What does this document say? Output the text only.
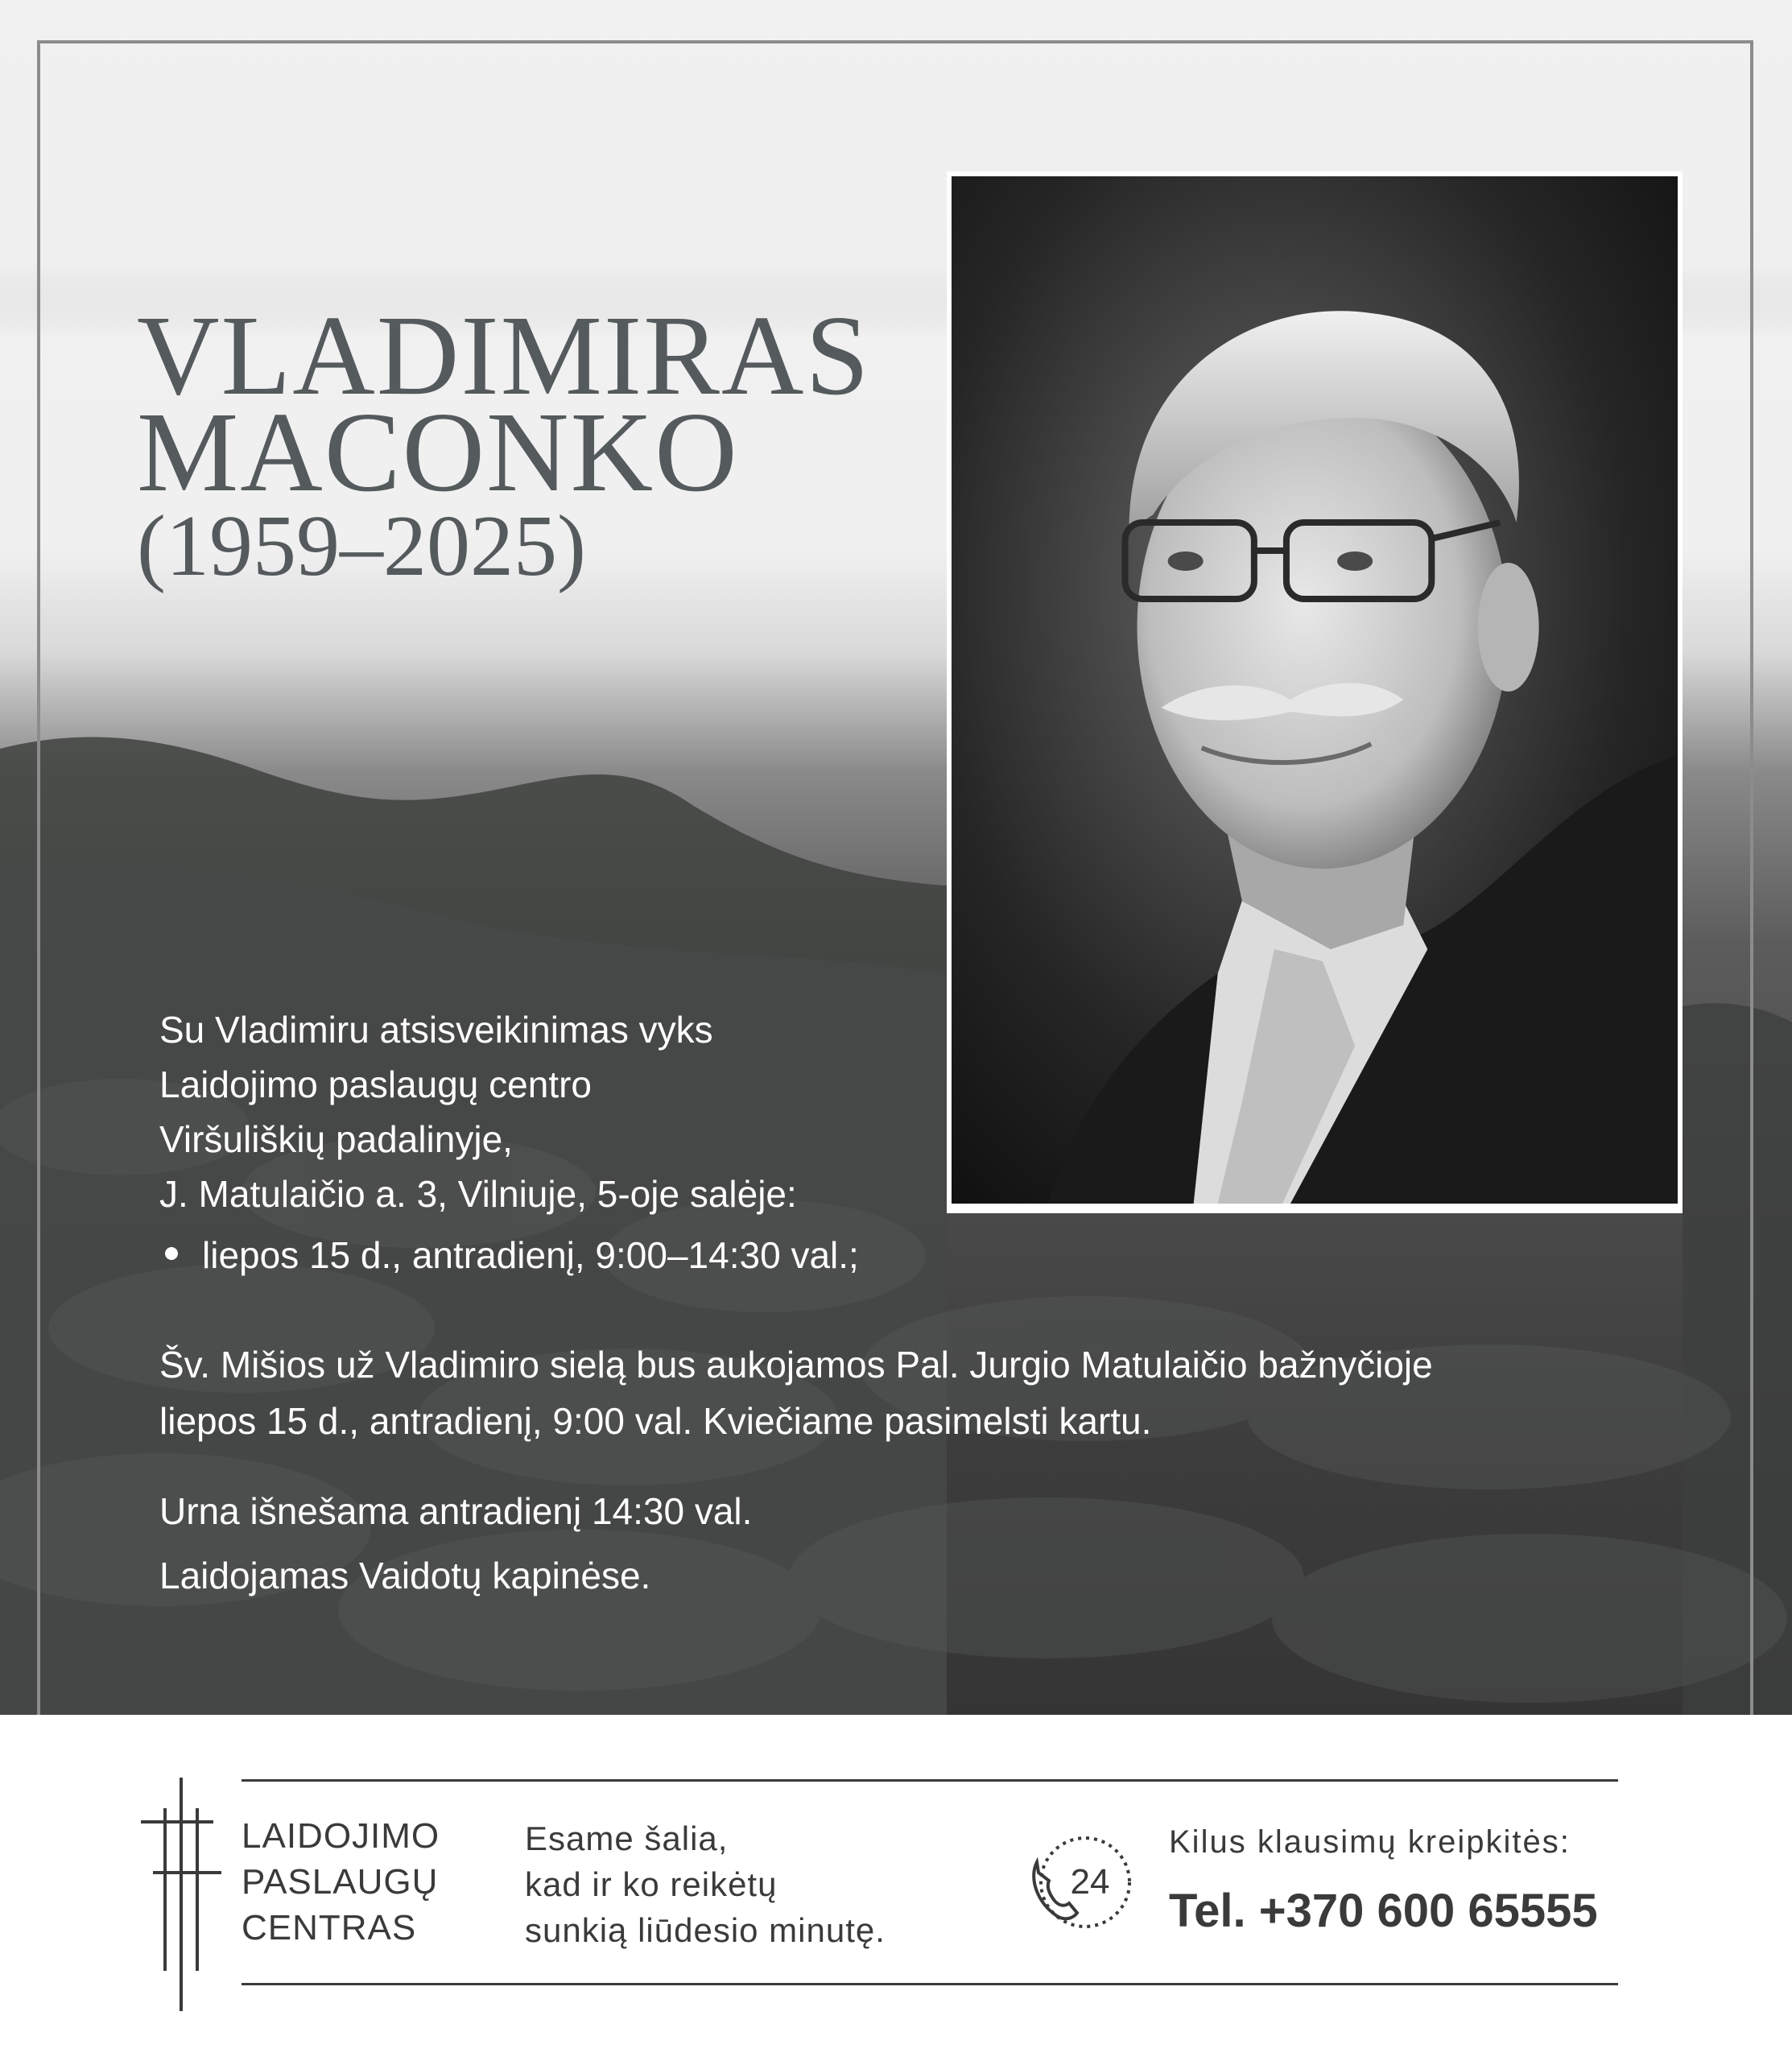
VLADIMIRAS
MACONKO
(1959–2025)
Su Vladimiru atsisveikinimas vyks
Laidojimo paslaugų centro
Viršuliškių padalinyje,
J. Matulaičio a. 3, Vilniuje, 5-oje salėje:
liepos 15 d., antradienį, 9:00–14:30 val.;
Šv. Mišios už Vladimiro sielą bus aukojamos Pal. Jurgio Matulaičio bažnyčioje
liepos 15 d., antradienį, 9:00 val. Kviečiame pasimelsti kartu.
Urna išnešama antradienį 14:30 val.
Laidojamas Vaidotų kapinėse.
LAIDOJIMO
PASLAUGŲ
CENTRAS
Esame šalia,
kad ir ko reikėtų
sunkią liūdesio minutę.
24
Kilus klausimų kreipkitės:
Tel. +370 600 65555
